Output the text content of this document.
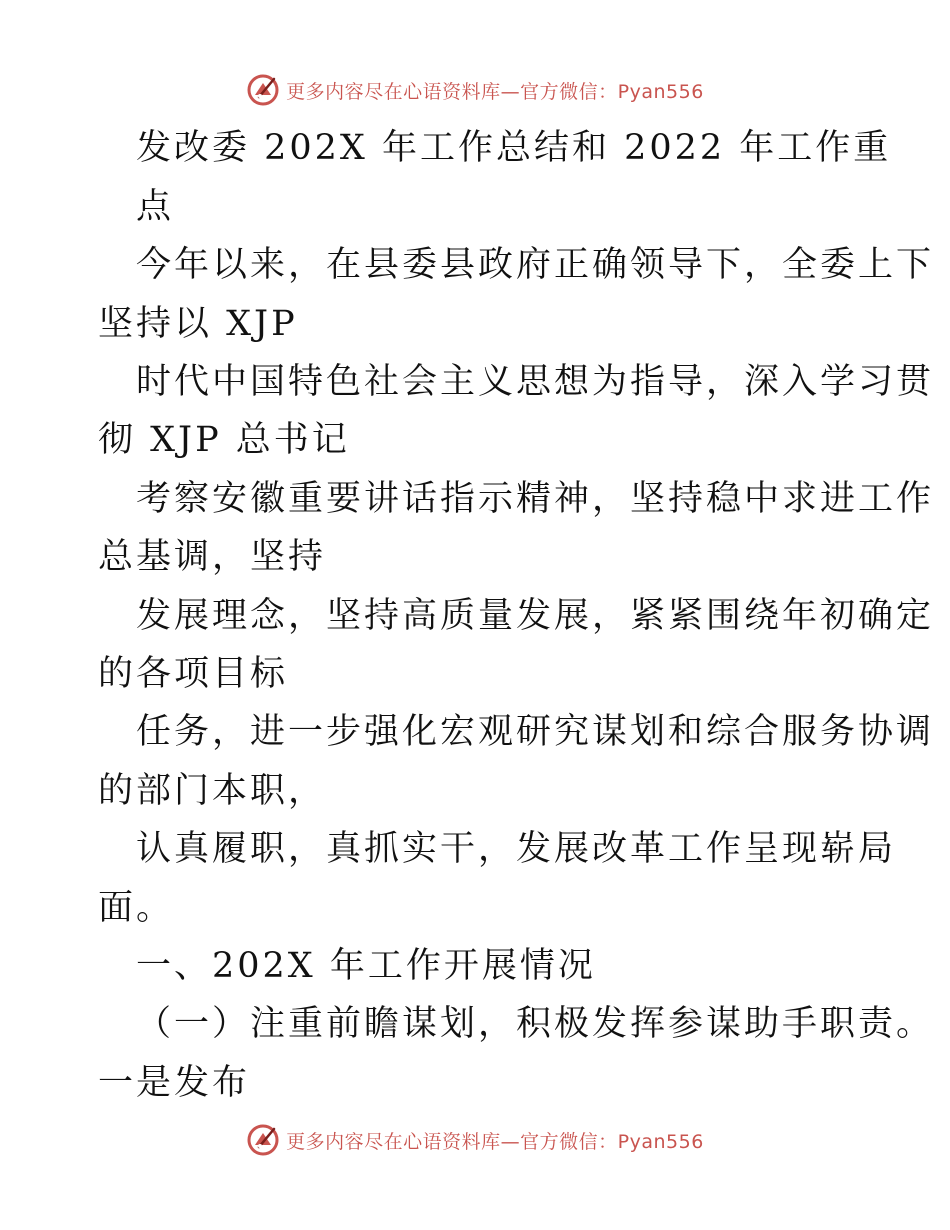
更多内容尽在心语资料库—官方微信：Pyan556
发改委 202X 年工作总结和 2022 年工作重
点
今年以来，在县委县政府正确领导下，全委上下
坚持以 XJP
时代中国特色社会主义思想为指导，深入学习贯
彻 XJP 总书记
考察安徽重要讲话指示精神，坚持稳中求进工作
总基调，坚持
发展理念，坚持高质量发展，紧紧围绕年初确定
的各项目标
任务，进一步强化宏观研究谋划和综合服务协调
的部门本职，
认真履职，真抓实干，发展改革工作呈现崭局
面。
一、202X 年工作开展情况
（一）注重前瞻谋划，积极发挥参谋助手职责。
一是发布
更多内容尽在心语资料库—官方微信：Pyan556
